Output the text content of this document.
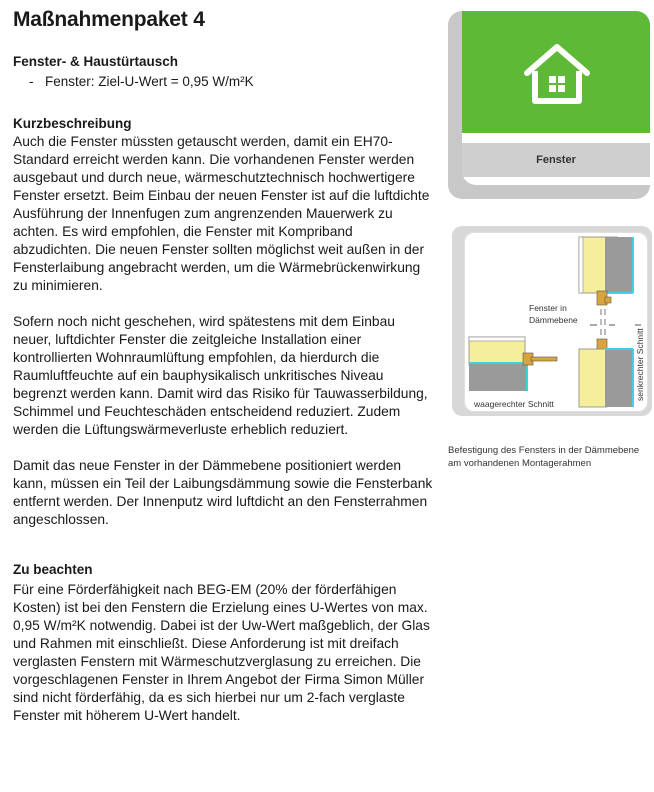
Maßnahmenpaket 4
Fenster- & Haustürtausch
- Fenster: Ziel-U-Wert = 0,95 W/m²K
Kurzbeschreibung

Auch die Fenster müssten getauscht werden, damit ein EH70-Standard erreicht werden kann. Die vorhandenen Fenster werden ausgebaut und durch neue, wärmeschutztechnisch hochwertigere Fenster ersetzt. Beim Einbau der neuen Fenster ist auf die luftdichte Ausführung der Innenfugen zum angrenzenden Mauerwerk zu achten. Es wird empfohlen, die Fenster mit Kompriband abzudichten. Die neuen Fenster sollten möglichst weit außen in der Fensterlaibung angebracht werden, um die Wärmebrückenwirkung zu minimieren.

Sofern noch nicht geschehen, wird spätestens mit dem Einbau neuer, luftdichter Fenster die zeitgleiche Installation einer kontrollierten Wohnraumlüftung empfohlen, da hierdurch die Raumluftfeuchte auf ein bauphysikalisch unkritisches Niveau begrenzt werden kann. Damit wird das Risiko für Tauwasserbildung, Schimmel und Feuchteschäden entscheidend reduziert. Zudem werden die Lüftungswärmeverluste erheblich reduziert.

Damit das neue Fenster in der Dämmebene positioniert werden kann, müssen ein Teil der Laibungsdämmung sowie die Fensterbank entfernt werden. Der Innenputz wird luftdicht an den Fensterrahmen angeschlossen.

Zu beachten

Für eine Förderfähigkeit nach BEG-EM (20% der förderfähigen Kosten) ist bei den Fenstern die Erzielung eines U-Wertes von max. 0,95 W/m²K notwendig. Dabei ist der Uw-Wert maßgeblich, der Glas und Rahmen mit einschließt. Diese Anforderung ist mit dreifach verglasten Fenstern mit Wärmeschutzverglasung zu erreichen. Die vorgeschlagenen Fenster in Ihrem Angebot der Firma Simon Müller sind nicht förderfähig, da es sich hierbei nur um 2-fach verglaste Fenster mit höherem U-Wert handelt.

Fenster
Fenster in
Dämmebene
waagerechter Schnitt
senkrechter Schnitt
Befestigung des Fensters in der Dämmebene am vorhandenen Montagerahmen
